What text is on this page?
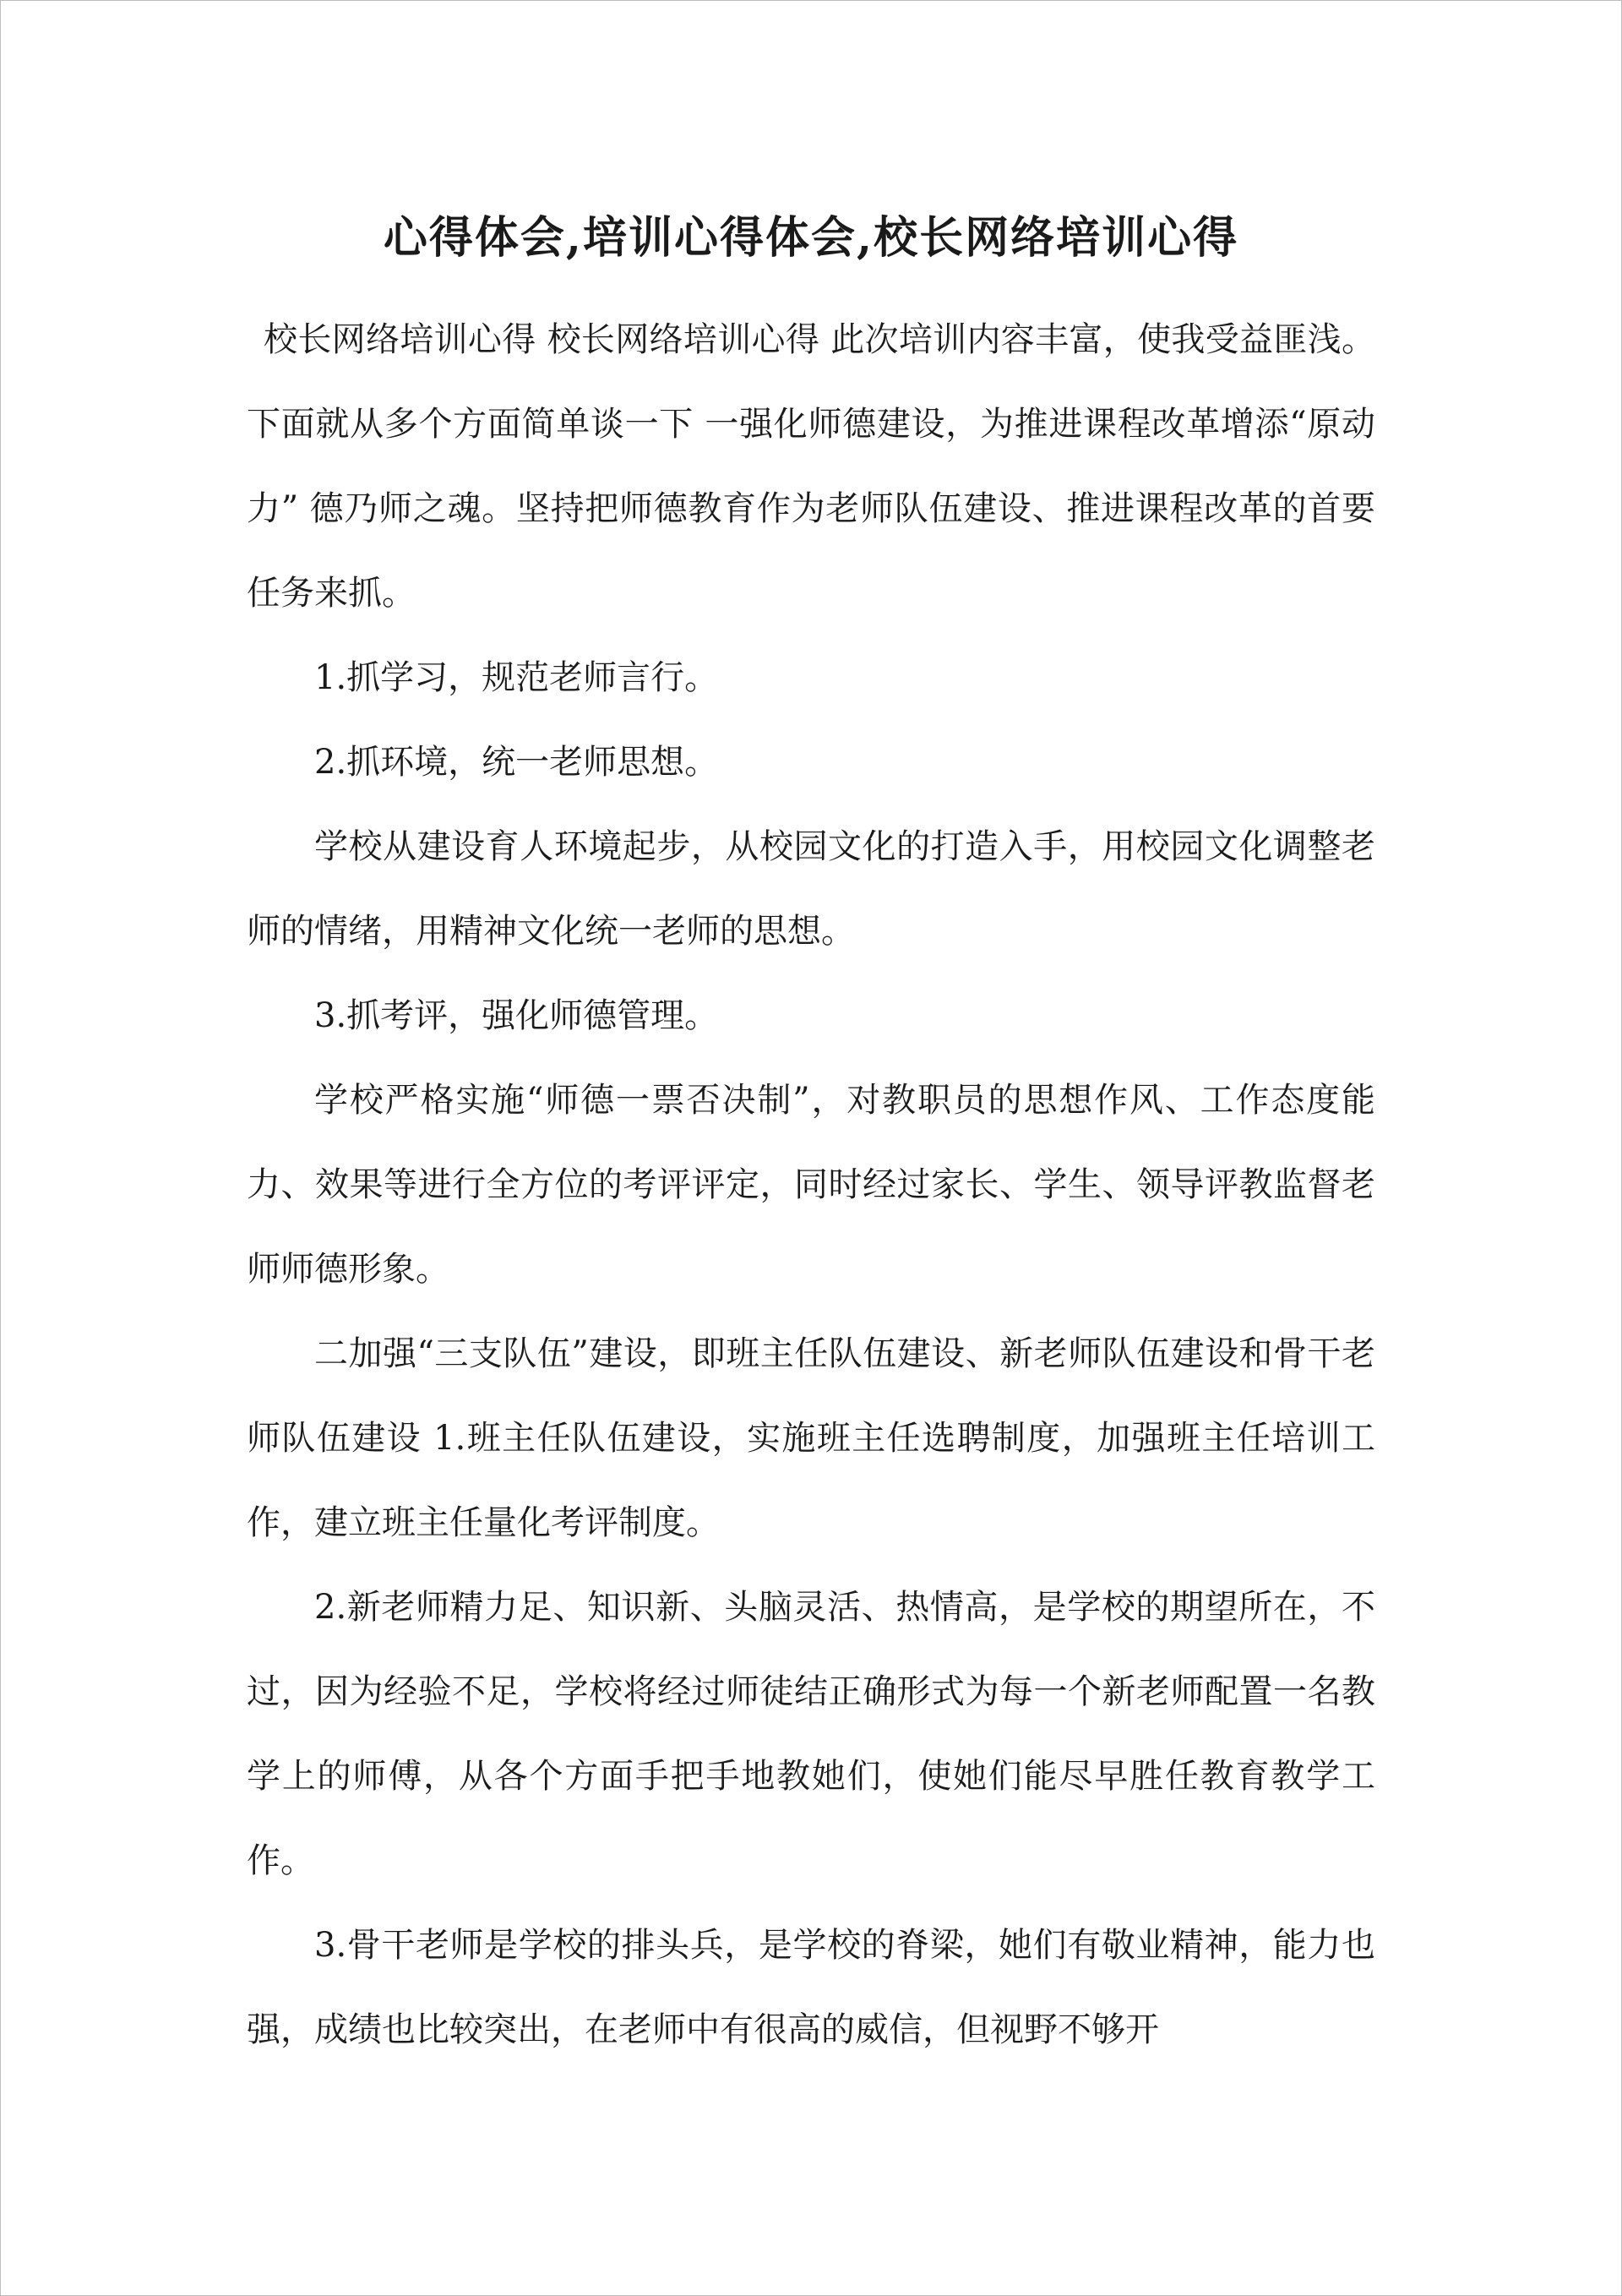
心得体会,培训心得体会,校长网络培训心得

校长网络培训心得 校长网络培训心得 此次培训内容丰富，使我受益匪浅。下面就从多个方面简单谈一下 一强化师德建设，为推进课程改革增添“原动力” 德乃师之魂。坚持把师德教育作为老师队伍建设、推进课程改革的首要任务来抓。

1.抓学习，规范老师言行。

2.抓环境，统一老师思想。

学校从建设育人环境起步，从校园文化的打造入手，用校园文化调整老师的情绪，用精神文化统一老师的思想。

3.抓考评，强化师德管理。

学校严格实施“师德一票否决制”，对教职员的思想作风、工作态度能力、效果等进行全方位的考评评定，同时经过家长、学生、领导评教监督老师师德形象。

二加强“三支队伍”建设，即班主任队伍建设、新老师队伍建设和骨干老师队伍建设 1.班主任队伍建设，实施班主任选聘制度，加强班主任培训工作，建立班主任量化考评制度。

2.新老师精力足、知识新、头脑灵活、热情高，是学校的期望所在，不过，因为经验不足，学校将经过师徒结正确形式为每一个新老师配置一名教学上的师傅，从各个方面手把手地教她们，使她们能尽早胜任教育教学工作。

3.骨干老师是学校的排头兵，是学校的脊梁，她们有敬业精神，能力也强，成绩也比较突出，在老师中有很高的威信，但视野不够开
